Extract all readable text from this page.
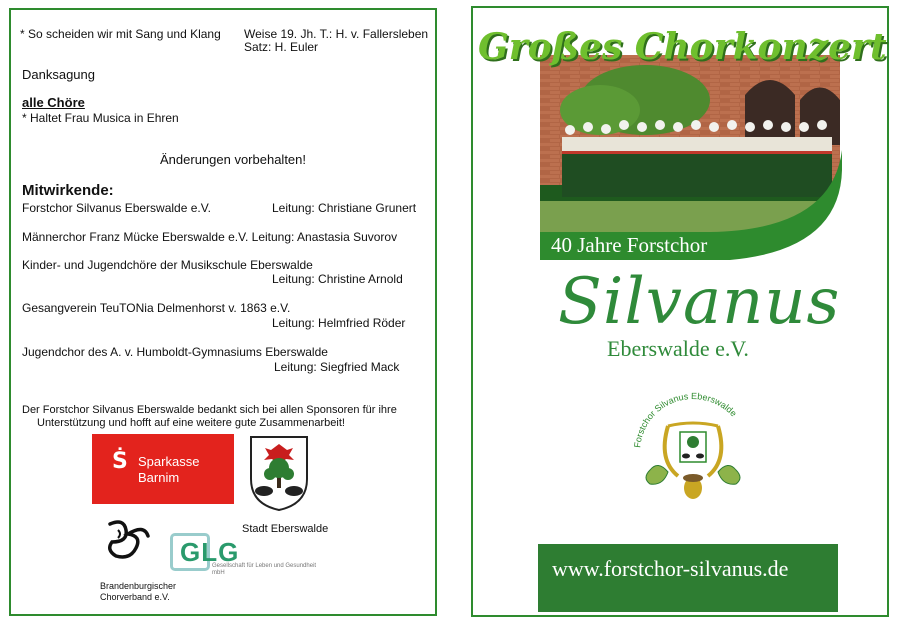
* So scheiden wir mit Sang und Klang Weise 19. Jh. T.: H. v. Fallersleben
Satz: H. Euler
Danksagung
alle Chöre
* Haltet Frau Musica in Ehren
Änderungen vorbehalten!
Mitwirkende:
Forstchor Silvanus Eberswalde e.V.	Leitung: Christiane Grunert
Männerchor Franz Mücke Eberswalde e.V. Leitung: Anastasia Suvorov
Kinder- und Jugendchöre der Musikschule Eberswalde
Leitung: Christine Arnold
Gesangverein TeuTONia Delmenhorst v. 1863 e.V.
Leitung: Helmfried Röder
Jugendchor des A. v. Humboldt-Gymnasiums Eberswalde
Leitung: Siegfried Mack
Der Forstchor Silvanus Eberswalde bedankt sich bei allen Sponsoren für ihre
Unterstützung und hofft auf eine weitere gute Zusammenarbeit!
Ṡ Sparkasse
Barnim
Stadt Eberswalde
Brandenburgischer
Chorverband e.V.
GLG
Gesellschaft für Leben und Gesundheit mbH
Großes Chorkonzert
40 Jahre Forstchor
Silvanus
Eberswalde e.V.
Forstchor Silvanus Eberswalde
www.forstchor-silvanus.de
